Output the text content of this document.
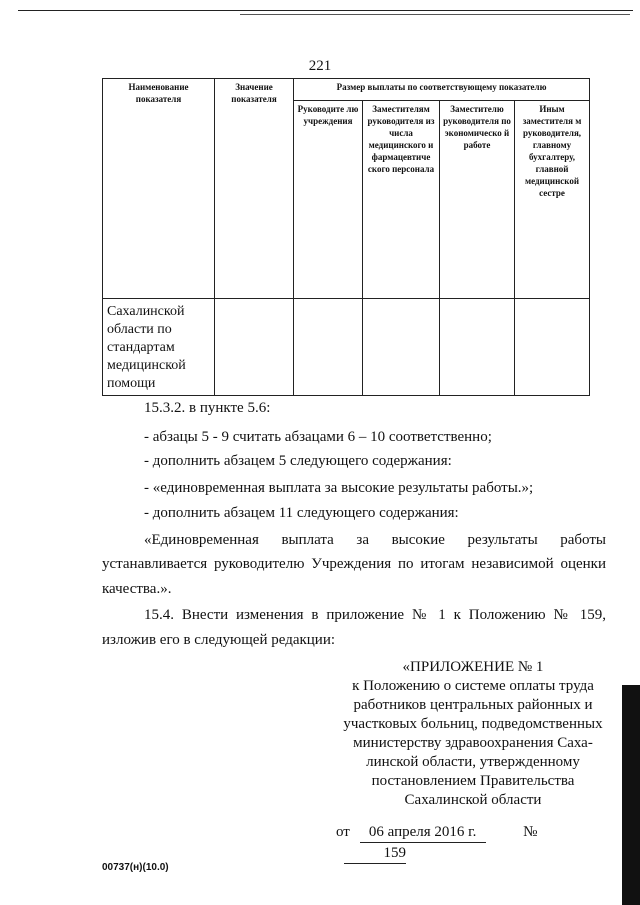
221
Наименование показателя	Значение показателя	Размер выплаты по соответствующему показателю			
		Руководите лю учреждения	Заместителям руководителя из числа медицинского и фармацевтиче ского персонала	Заместителю руководителя по экономическо й работе	Иным заместителя м руководителя, главному бухгалтеру, главной медицинской сестре
Сахалинской области по стандартам медицинской помощи					
15.3.2. в пункте 5.6:
- абзацы 5 - 9 считать абзацами 6 – 10 соответственно;
- дополнить абзацем 5 следующего содержания:
- «единовременная выплата за высокие результаты работы.»;
- дополнить абзацем 11 следующего содержания:
«Единовременная выплата за высокие результаты работы
устанавливается руководителю Учреждения по итогам независимой оценки
качества.».
15.4. Внести изменения в приложение № 1 к Положению № 159,
изложив его в следующей редакции:
«ПРИЛОЖЕНИЕ № 1
к Положению о системе оплаты труда
работников центральных районных и
участковых больниц, подведомственных
министерству здравоохранения Саха-
линской области, утвержденному
постановлением Правительства
Сахалинской области
от 06 апреля 2016 г.	№ 159
00737(н)(10.0)
